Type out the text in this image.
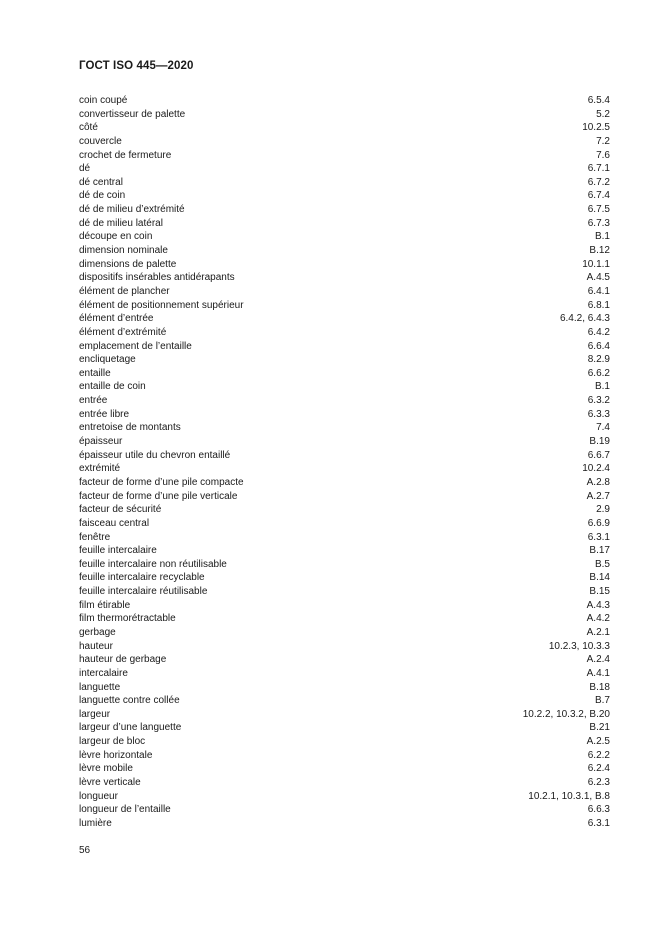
ГОСТ ISO 445—2020
coin coupé	6.5.4
convertisseur de palette	5.2
côté	10.2.5
couvercle	7.2
crochet de fermeture	7.6
dé	6.7.1
dé central	6.7.2
dé de coin	6.7.4
dé de milieu d’extrémité	6.7.5
dé de milieu latéral	6.7.3
découpe en coin	B.1
dimension nominale	B.12
dimensions de palette	10.1.1
dispositifs insérables antidérapants	A.4.5
élément de plancher	6.4.1
élément de positionnement supérieur	6.8.1
élément d’entrée	6.4.2, 6.4.3
élément d’extrémité	6.4.2
emplacement de l’entaille	6.6.4
encliquetage	8.2.9
entaille	6.6.2
entaille de coin	B.1
entrée	6.3.2
entrée libre	6.3.3
entretoise de montants	7.4
épaisseur	B.19
épaisseur utile du chevron entaillé	6.6.7
extrémité	10.2.4
facteur de forme d’une pile compacte	A.2.8
facteur de forme d’une pile verticale	A.2.7
facteur de sécurité	2.9
faisceau central	6.6.9
fenêtre	6.3.1
feuille intercalaire	B.17
feuille intercalaire non réutilisable	B.5
feuille intercalaire recyclable	B.14
feuille intercalaire réutilisable	B.15
film étirable	A.4.3
film thermorétractable	A.4.2
gerbage	A.2.1
hauteur	10.2.3, 10.3.3
hauteur de gerbage	A.2.4
intercalaire	A.4.1
languette	B.18
languette contre collée	B.7
largeur	10.2.2, 10.3.2, B.20
largeur d’une languette	B.21
largeur de bloc	A.2.5
lèvre horizontale	6.2.2
lèvre mobile	6.2.4
lèvre verticale	6.2.3
longueur	10.2.1, 10.3.1, B.8
longueur de l’entaille	6.6.3
lumière	6.3.1
56
